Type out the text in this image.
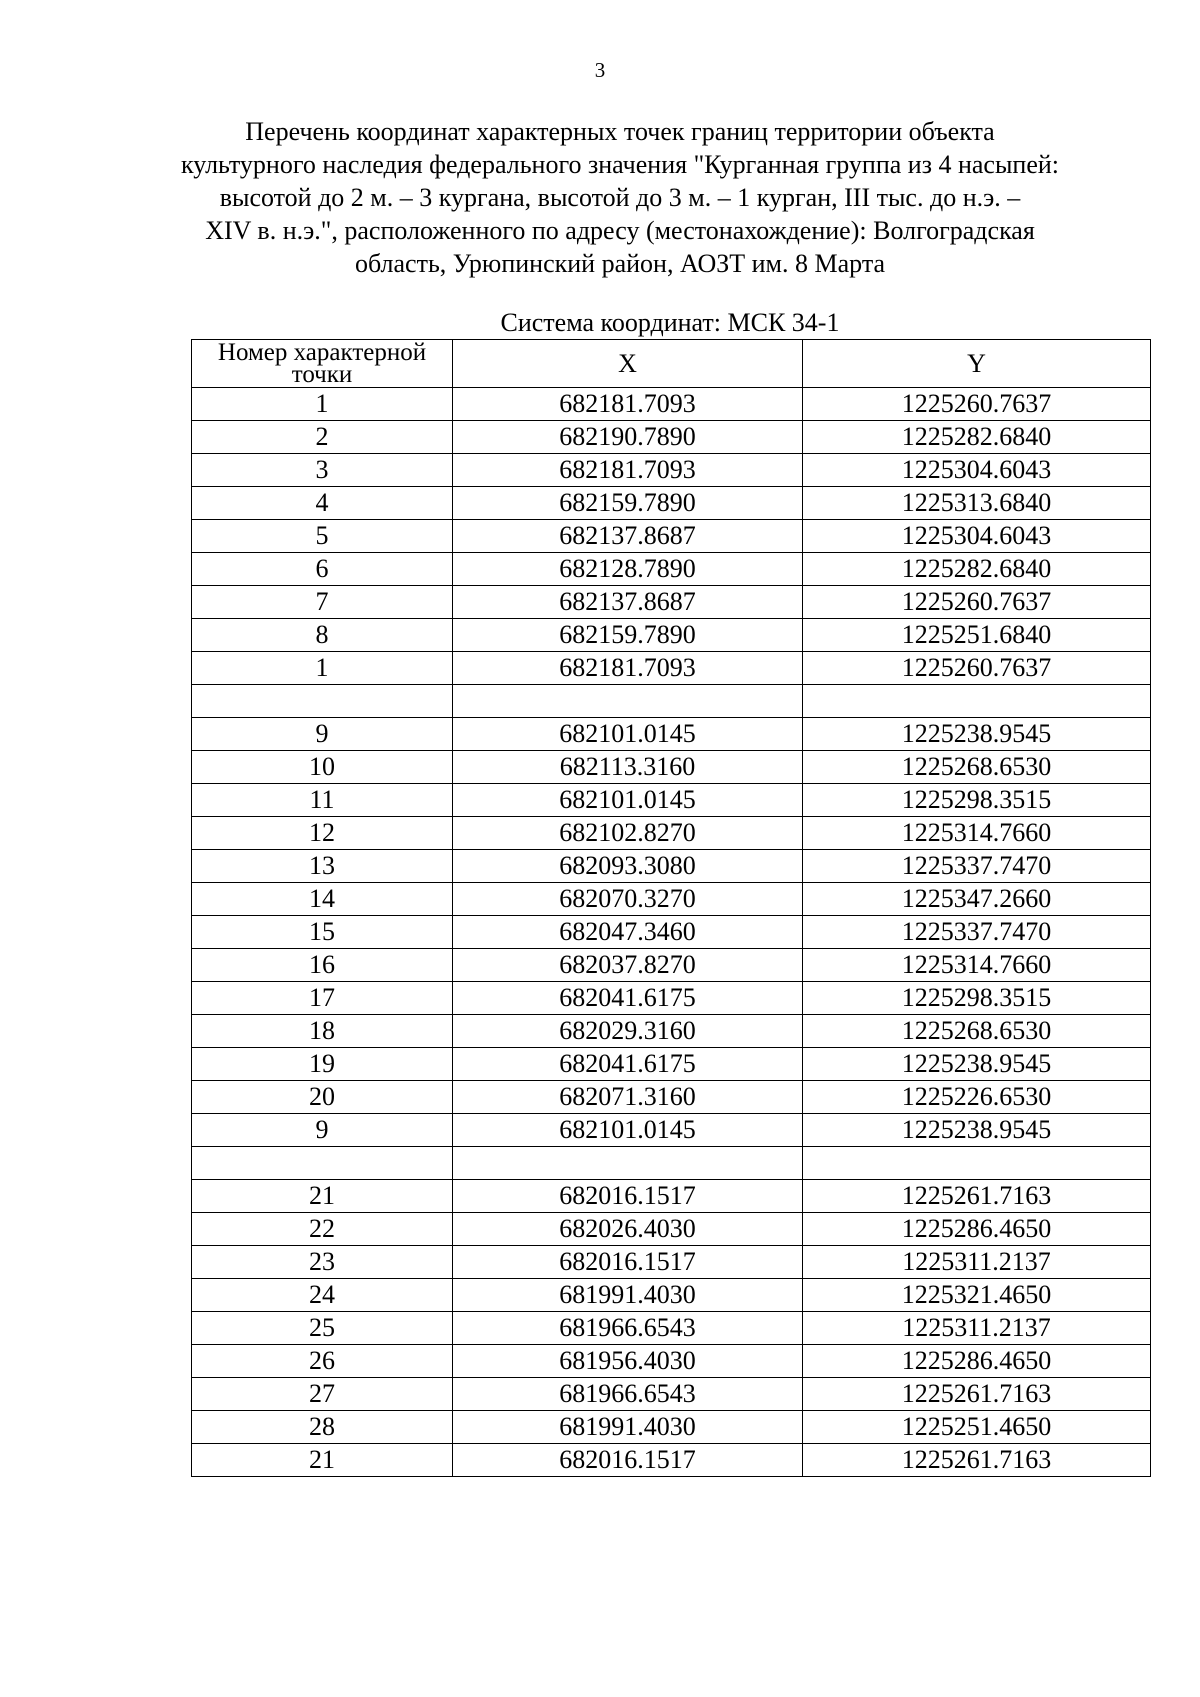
3
Перечень координат характерных точек границ территории объекта
культурного наследия федерального значения "Курганная группа из 4 насыпей:
высотой до 2 м. – 3 кургана, высотой до 3 м. – 1 курган, III тыс. до н.э. –
XIV в. н.э.", расположенного по адресу (местонахождение): Волгоградская
область, Урюпинский район, АОЗТ им. 8 Марта
Система координат: МСК 34-1
Номер характерной
точки	X	Y
1	682181.7093	1225260.7637
2	682190.7890	1225282.6840
3	682181.7093	1225304.6043
4	682159.7890	1225313.6840
5	682137.8687	1225304.6043
6	682128.7890	1225282.6840
7	682137.8687	1225260.7637
8	682159.7890	1225251.6840
1	682181.7093	1225260.7637

9	682101.0145	1225238.9545
10	682113.3160	1225268.6530
11	682101.0145	1225298.3515
12	682102.8270	1225314.7660
13	682093.3080	1225337.7470
14	682070.3270	1225347.2660
15	682047.3460	1225337.7470
16	682037.8270	1225314.7660
17	682041.6175	1225298.3515
18	682029.3160	1225268.6530
19	682041.6175	1225238.9545
20	682071.3160	1225226.6530
9	682101.0145	1225238.9545

21	682016.1517	1225261.7163
22	682026.4030	1225286.4650
23	682016.1517	1225311.2137
24	681991.4030	1225321.4650
25	681966.6543	1225311.2137
26	681956.4030	1225286.4650
27	681966.6543	1225261.7163
28	681991.4030	1225251.4650
21	682016.1517	1225261.7163
